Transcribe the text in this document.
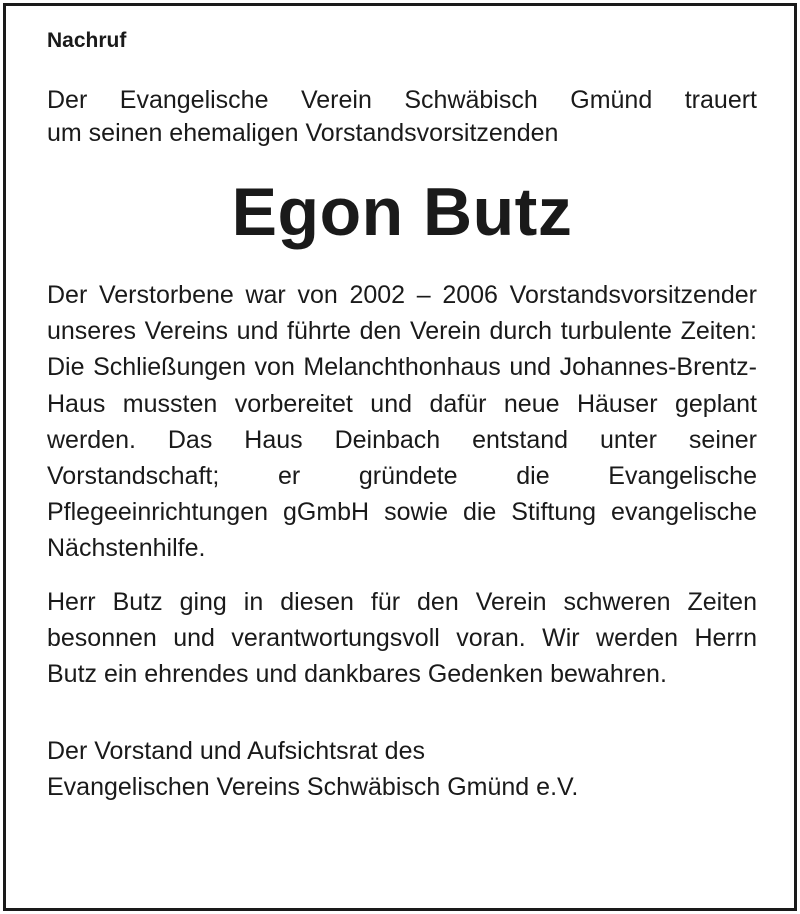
Nachruf

Der Evangelische Verein Schwäbisch Gmünd trauert
um seinen ehemaligen Vorstandsvorsitzenden

Egon Butz

Der Verstorbene war von 2002 – 2006 Vorstandsvorsitzender unseres Vereins und führte den Verein durch turbulente Zeiten: Die Schließungen von Melanchthonhaus und Johannes-Brentz-Haus mussten vorbereitet und dafür neue Häuser geplant werden. Das Haus Deinbach entstand unter seiner Vorstandschaft; er gründete die Evangelische Pflegeeinrichtungen gGmbH sowie die Stiftung evangelische Nächstenhilfe.

Herr Butz ging in diesen für den Verein schweren Zeiten besonnen und verantwortungsvoll voran. Wir werden Herrn Butz ein ehrendes und dankbares Gedenken bewahren.

Der Vorstand und Aufsichtsrat des
Evangelischen Vereins Schwäbisch Gmünd e.V.
